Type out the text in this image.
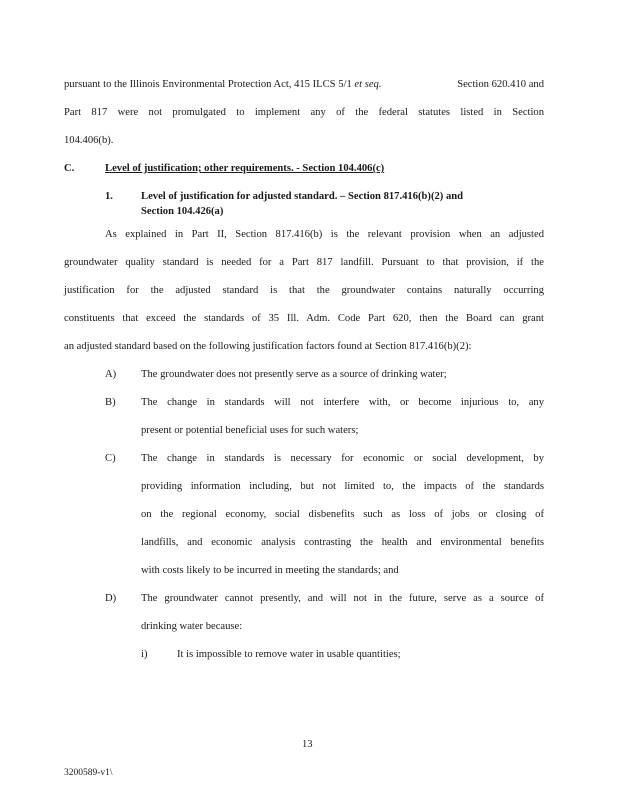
pursuant to the Illinois Environmental Protection Act, 415 ILCS 5/1 et seq.	Section 620.410 and
Part 817 were not promulgated to implement any of the federal statutes listed in Section
104.406(b).
C.	Level of justification; other requirements. - Section 104.406(c)
1.	Level of justification for adjusted standard. – Section 817.416(b)(2) and
Section 104.426(a)
As explained in Part II, Section 817.416(b) is the relevant provision when an adjusted
groundwater quality standard is needed for a Part 817 landfill. Pursuant to that provision, if the
justification for the adjusted standard is that the groundwater contains naturally occurring
constituents that exceed the standards of 35 Ill. Adm. Code Part 620, then the Board can grant
an adjusted standard based on the following justification factors found at Section 817.416(b)(2):
A) The groundwater does not presently serve as a source of drinking water;
B) The change in standards will not interfere with, or become injurious to, any
present or potential beneficial uses for such waters;
C) The change in standards is necessary for economic or social development, by
providing information including, but not limited to, the impacts of the standards
on the regional economy, social disbenefits such as loss of jobs or closing of
landfills, and economic analysis contrasting the health and environmental benefits
with costs likely to be incurred in meeting the standards; and
D) The groundwater cannot presently, and will not in the future, serve as a source of
drinking water because:
i)	It is impossible to remove water in usable quantities;
13
3200589-v1\
